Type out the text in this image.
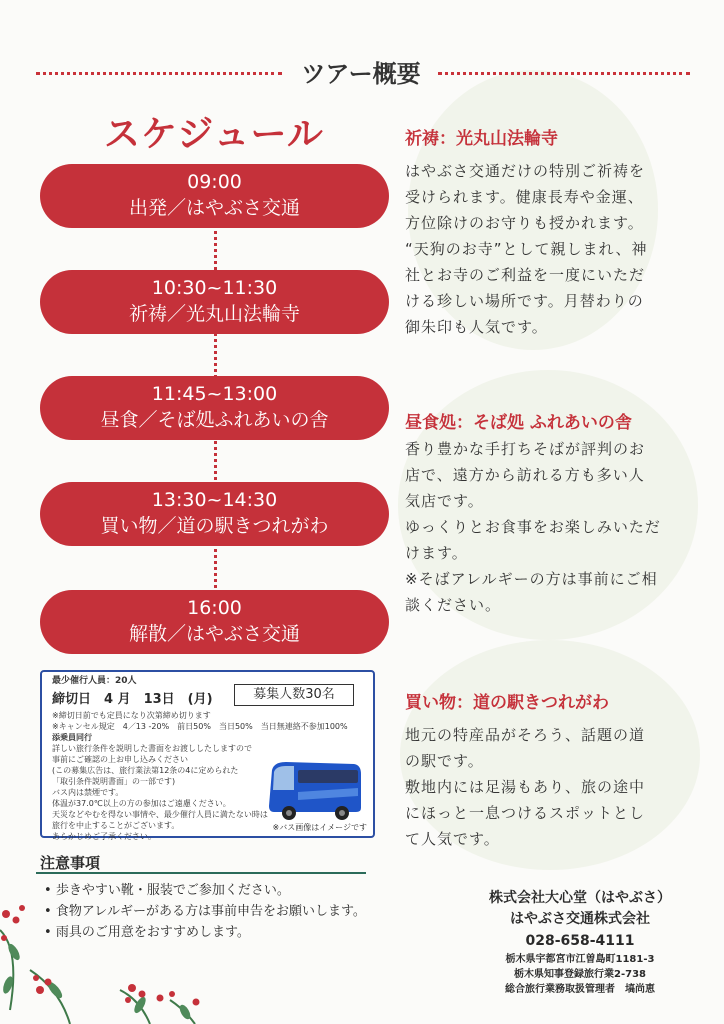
ツアー概要
スケジュール
09:00
出発／はやぶさ交通
10:30~11:30
祈祷／光丸山法輪寺
11:45~13:00
昼食／そば処ふれあいの舎
13:30~14:30
買い物／道の駅きつれがわ
16:00
解散／はやぶさ交通
祈祷：光丸山法輪寺

はやぶさ交通だけの特別ご祈祷を
受けられます。健康長寿や金運、
方位除けのお守りも授かれます。
“天狗のお寺”として親しまれ、神
社とお寺のご利益を一度にいただ
ける珍しい場所です。月替わりの
御朱印も人気です。

昼食処：そば処 ふれあいの舎

香り豊かな手打ちそばが評判のお
店で、遠方から訪れる方も多い人
気店です。
ゆっくりとお食事をお楽しみいただ
けます。
※そばアレルギーの方は事前にご相
談ください。

買い物：道の駅きつれがわ

地元の特産品がそろう、話題の道
の駅です。
敷地内には足湯もあり、旅の途中
にほっと一息つけるスポットとし
て人気です。

最少催行人員：20人
締切日　4 月　13日　(月)	募集人数30名
※締切日前でも定員になり次第締め切ります
※キャンセル規定　4／13 -20%　前日50%　当日50%　当日無連絡不参加100%
添乗員同行
詳しい旅行条件を説明した書面をお渡ししたしますので
事前にご確認の上お申し込みください
(この募集広告は、旅行業法第12条の4に定められた
「取引条件説明書面」の一部です)
バス内は禁煙です。
体温が37.0℃以上の方の参加はご遠慮ください。
天災などやむを得ない事情や、最少催行人員に満たない時は
旅行を中止することがございます。
あらかじめご了承ください。
※バス画像はイメージです
注意事項
• 歩きやすい靴・服装でご参加ください。
• 食物アレルギーがある方は事前申告をお願いします。
• 雨具のご用意をおすすめします。
株式会社大心堂（はやぶさ）
はやぶさ交通株式会社
028-658-4111
栃木県宇都宮市江曽島町1181-3
栃木県知事登録旅行業2-738
総合旅行業務取扱管理者　塙尚恵
